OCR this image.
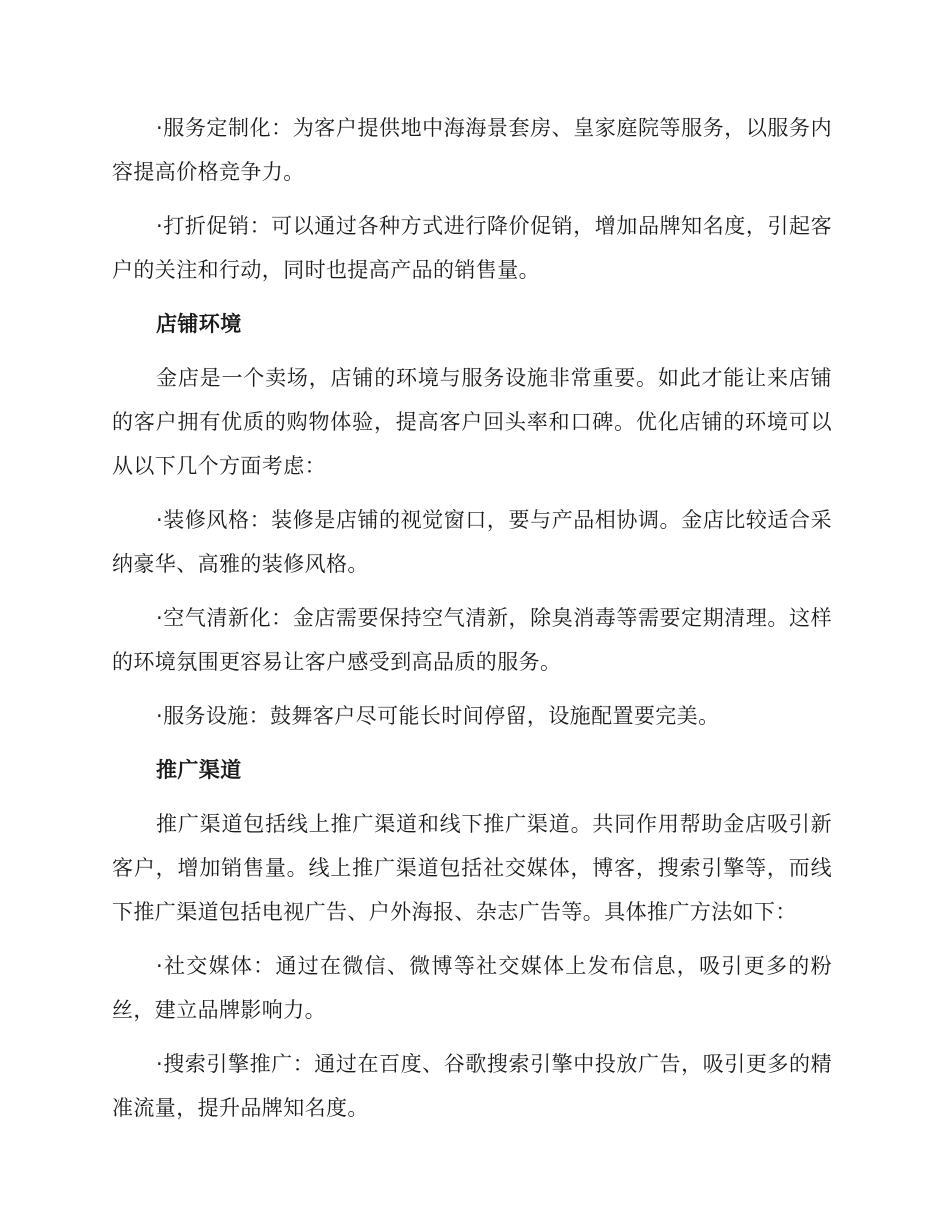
·服务定制化：为客户提供地中海海景套房、皇家庭院等服务，以服务内容提高价格竞争力。

·打折促销：可以通过各种方式进行降价促销，增加品牌知名度，引起客户的关注和行动，同时也提高产品的销售量。

店铺环境

金店是一个卖场，店铺的环境与服务设施非常重要。如此才能让来店铺的客户拥有优质的购物体验，提高客户回头率和口碑。优化店铺的环境可以从以下几个方面考虑：

·装修风格：装修是店铺的视觉窗口，要与产品相协调。金店比较适合采纳豪华、高雅的装修风格。

·空气清新化：金店需要保持空气清新，除臭消毒等需要定期清理。这样的环境氛围更容易让客户感受到高品质的服务。

·服务设施：鼓舞客户尽可能长时间停留，设施配置要完美。

推广渠道

推广渠道包括线上推广渠道和线下推广渠道。共同作用帮助金店吸引新客户，增加销售量。线上推广渠道包括社交媒体，博客，搜索引擎等，而线下推广渠道包括电视广告、户外海报、杂志广告等。具体推广方法如下：

·社交媒体：通过在微信、微博等社交媒体上发布信息，吸引更多的粉丝，建立品牌影响力。

·搜索引擎推广：通过在百度、谷歌搜索引擎中投放广告，吸引更多的精准流量，提升品牌知名度。
